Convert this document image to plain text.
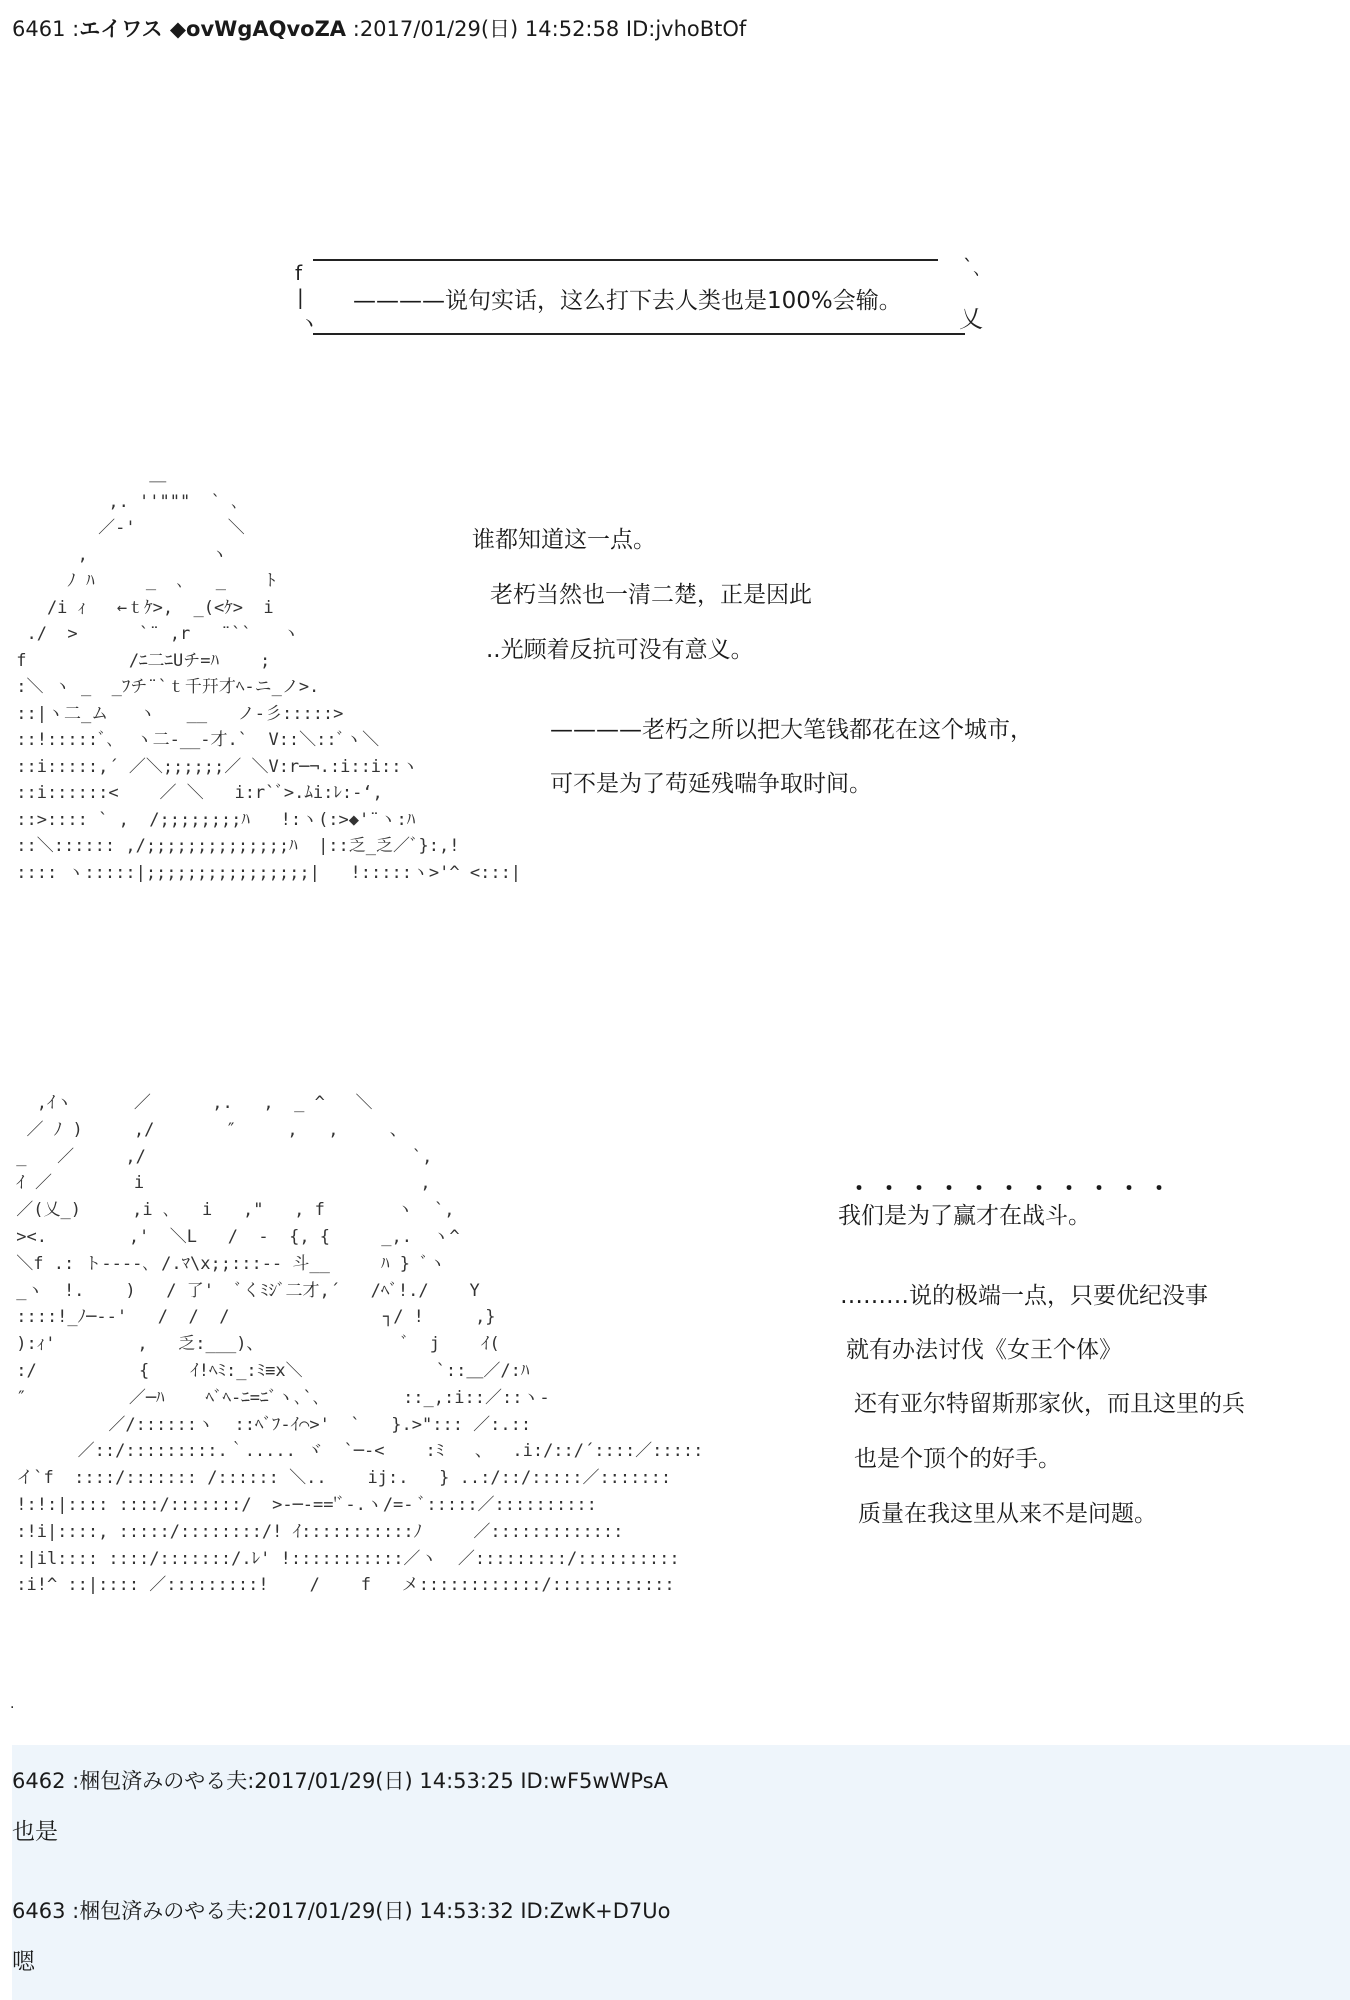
6461 :エイワス ◆ovWgAQvoZA :2017/01/29(日) 14:52:58 ID:jvhoBtOf
f
|
ヽ
`､
————说句实话，这么打下去人类也是100%会输。
乂
＿
,. ''"""  ` ､
／‐'         ＼
,            ヽ
ﾉ ﾊ     _  ､   _    ﾄ
/i ｨ   ←ｔｹ>,  _(<ｹ>  i
./  >      `¨ ,r   ¨``   ヽ
f          /ﾆ二ﾆUチ=ﾊ    ;
:＼ ヽ _  _ﾌチ¨`ｔ千幵才ﾍ-ニ_ノ>.
::|ヽ二_ム   ヽ   __   ノ-彡:::::>
::!:::::ﾞ､  ヽ二-__-才.`  V::＼::ﾞヽ＼
::i:::::,´ ／＼;;;;;;／ ＼V:r─¬.:i::i::ヽ
::i::::::<    ／ ＼   i:r`ﾞ>.ﾑi:ﾚ:-‘,
::>:::: ` ,  /;;;;;;;;ﾊ   !:ヽ(:>◆'¨ヽ:ﾊ
::＼:::::: ,/;;;;;;;;;;;;;;ﾊ  |::乏_乏／ﾞ}:,!
:::: ヽ:::::|;;;;;;;;;;;;;;;;|   !:::::ヽ>'^ <:::|
谁都知道这一点。
老朽当然也一清二楚，正是因此
..光顾着反抗可没有意义。
————老朽之所以把大笔钱都花在这个城市，
可不是为了苟延残喘争取时间。
,ｲヽ      ／      ,.   ,  _ ^   ＼
／ ﾉ )     ,/       ″     ,   ,     、
_   ／     ,/                          `,
ｲ ／        i                           ,
／(乂_)     ,i ､   i   ,"   , f       ヽ  `,
><.        ,'  ＼L   /  -  {, {     _,.  ヽ^
＼f .: ト----､ /.ﾏ\x;;:::-- 斗__     ﾊ } ﾞヽ
_ヽ  !.    )   / 了'  ﾞくﾐｼﾞ二才,´   /ﾍﾞ!./    Y
::::!_ﾉ─--'   /  /  /               ┐/ !     ,}
):ｨ'        ,   乏:___)、              ﾞ  j    ｲ(
:/          {    ｲ!ﾍﾐ:_:ﾐ≡x＼             `::＿／/:ﾊ
″          ／─ﾊ    ﾍﾞﾍ-ﾆ=ﾆﾞヽ､`､        ::_,:i::／::ヽ-
／/::::::ヽ  ::ﾍﾞﾌ-ｲ⌒>'  `   }.>"::: ／:.::
／::/:::::::::.｀..... ヾ  `─-<    :ﾐ   、  .i:/::/´::::／:::::
イ`f  ::::/::::::: /:::::: ＼..    ij:.   } ..:/::/:::::／:::::::
!:!:|:::: ::::/:::::::/  >-─-=='ﾞ-.ヽ/=- ﾞ:::::／::::::::::
:!i|::::, :::::/::::::::/! ｲ:::::::::::ﾉ     ／:::::::::::::
:|il:::: ::::/:::::::/.ﾚ' !:::::::::::／ヽ  ／:::::::::/::::::::::
:i!^ ::|:::: ／:::::::::!    /    f   メ::::::::::::/::::::::::::
・・・・・・・・・・・
我们是为了赢才在战斗。
………说的极端一点，只要优纪没事
就有办法讨伐《女王个体》
还有亚尔特留斯那家伙，而且这里的兵
也是个顶个的好手。
质量在我这里从来不是问题。
.
6462 :梱包済みのやる夫:2017/01/29(日) 14:53:25 ID:wF5wWPsA
也是
6463 :梱包済みのやる夫:2017/01/29(日) 14:53:32 ID:ZwK+D7Uo
嗯
